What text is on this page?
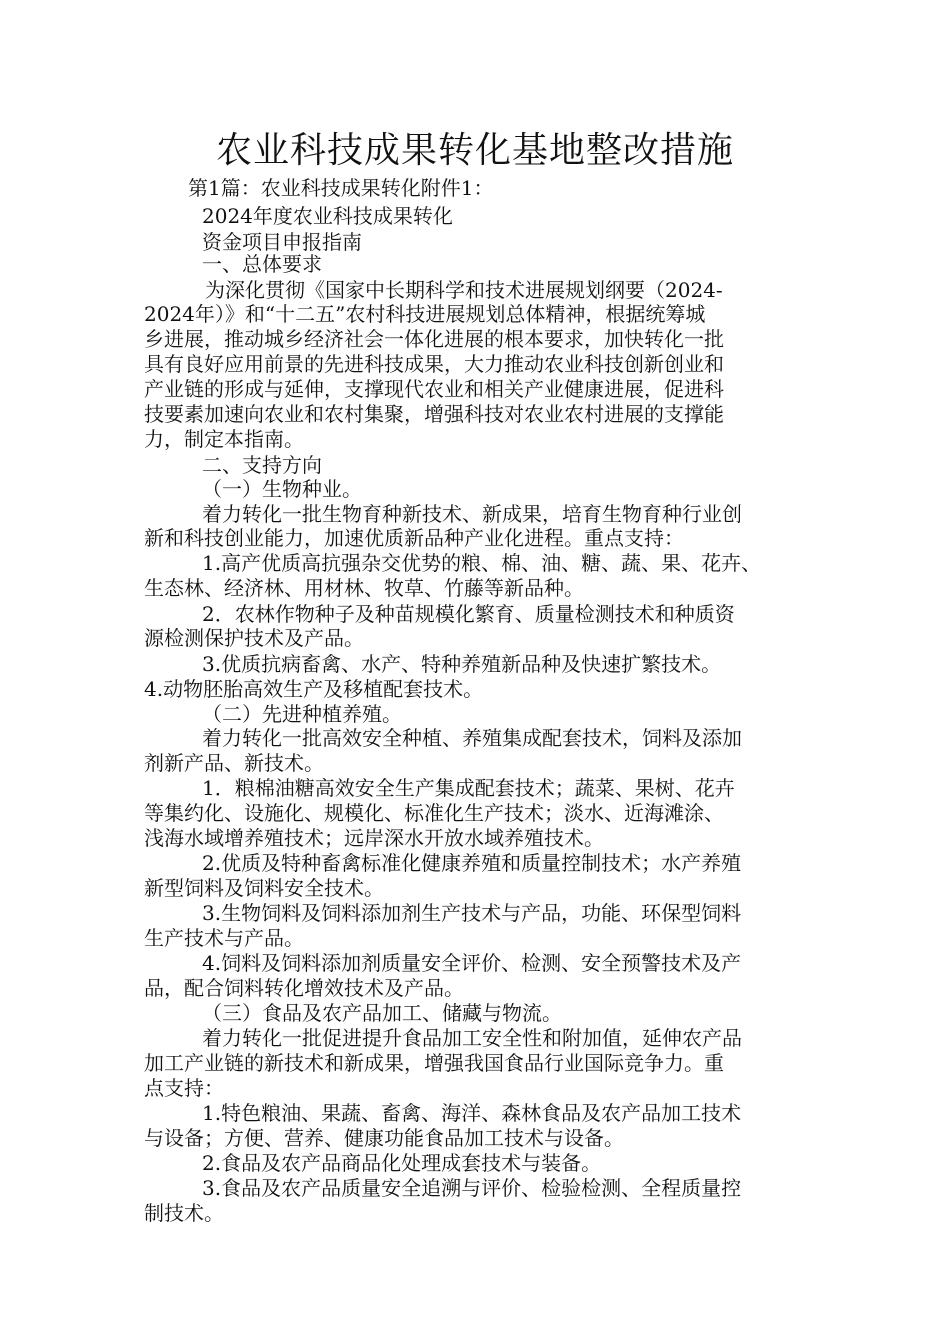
农业科技成果转化基地整改措施
第1篇：农业科技成果转化附件1：
2024年度农业科技成果转化
资金项目申报指南
一、总体要求
为深化贯彻《国家中长期科学和技术进展规划纲要（2024-
2024年）》和“十二五”农村科技进展规划总体精神，根据统筹城
乡进展，推动城乡经济社会一体化进展的根本要求，加快转化一批
具有良好应用前景的先进科技成果，大力推动农业科技创新创业和
产业链的形成与延伸，支撑现代农业和相关产业健康进展，促进科
技要素加速向农业和农村集聚，增强科技对农业农村进展的支撑能
力，制定本指南。
二、支持方向
（一）生物种业。
着力转化一批生物育种新技术、新成果，培育生物育种行业创
新和科技创业能力，加速优质新品种产业化进程。重点支持：
1.高产优质高抗强杂交优势的粮、棉、油、糖、蔬、果、花卉、
生态林、经济林、用材林、牧草、竹藤等新品种。
2．农林作物种子及种苗规模化繁育、质量检测技术和种质资
源检测保护技术及产品。
3.优质抗病畜禽、水产、特种养殖新品种及快速扩繁技术。
4.动物胚胎高效生产及移植配套技术。
（二）先进种植养殖。
着力转化一批高效安全种植、养殖集成配套技术，饲料及添加
剂新产品、新技术。
1．粮棉油糖高效安全生产集成配套技术；蔬菜、果树、花卉
等集约化、设施化、规模化、标准化生产技术；淡水、近海滩涂、
浅海水域增养殖技术；远岸深水开放水域养殖技术。
2.优质及特种畜禽标准化健康养殖和质量控制技术；水产养殖
新型饲料及饲料安全技术。
3.生物饲料及饲料添加剂生产技术与产品，功能、环保型饲料
生产技术与产品。
4.饲料及饲料添加剂质量安全评价、检测、安全预警技术及产
品，配合饲料转化增效技术及产品。
（三）食品及农产品加工、储藏与物流。
着力转化一批促进提升食品加工安全性和附加值，延伸农产品
加工产业链的新技术和新成果，增强我国食品行业国际竞争力。重
点支持：
1.特色粮油、果蔬、畜禽、海洋、森林食品及农产品加工技术
与设备；方便、营养、健康功能食品加工技术与设备。
2.食品及农产品商品化处理成套技术与装备。
3.食品及农产品质量安全追溯与评价、检验检测、全程质量控
制技术。
